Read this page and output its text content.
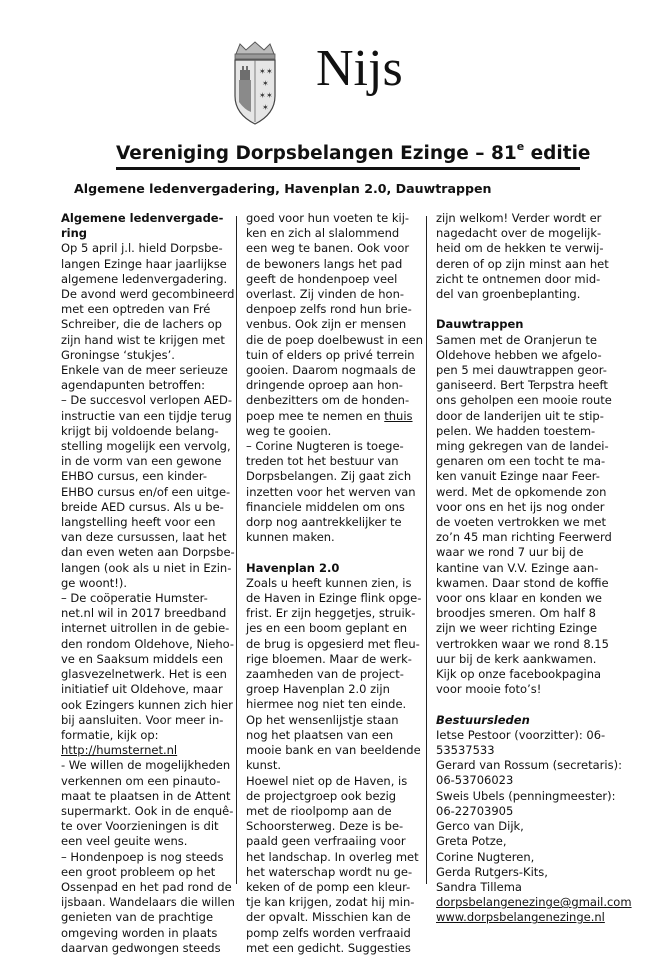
✶ ✶
✶
✶ ✶
✶
Nijs
Vereniging Dorpsbelangen Ezinge – 81e editie
Algemene ledenvergadering, Havenplan 2.0, Dauwtrappen
Algemene ledenvergade-
ring
Op 5 april j.l. hield Dorpsbe-
langen Ezinge haar jaarlijkse
algemene ledenvergadering.
De avond werd gecombineerd
met een optreden van Fré
Schreiber, die de lachers op
zijn hand wist te krijgen met
Groningse ‘stukjes’.
Enkele van de meer serieuze
agendapunten betroffen:
– De succesvol verlopen AED-
instructie van een tijdje terug
krijgt bij voldoende belang-
stelling mogelijk een vervolg,
in de vorm van een gewone
EHBO cursus, een kinder-
EHBO cursus en/of een uitge-
breide AED cursus. Als u be-
langstelling heeft voor een
van deze cursussen, laat het
dan even weten aan Dorpsbe-
langen (ook als u niet in Ezin-
ge woont!).
– De coöperatie Humster-
net.nl wil in 2017 breedband
internet uitrollen in de gebie-
den rondom Oldehove, Nieho-
ve en Saaksum middels een
glasvezelnetwerk. Het is een
initiatief uit Oldehove, maar
ook Ezingers kunnen zich hier
bij aansluiten. Voor meer in-
formatie, kijk op:
http://humsternet.nl
- We willen de mogelijkheden
verkennen om een pinauto-
maat te plaatsen in de Attent
supermarkt. Ook in de enquê-
te over Voorzieningen is dit
een veel geuite wens.
– Hondenpoep is nog steeds
een groot probleem op het
Ossenpad en het pad rond de
ijsbaan. Wandelaars die willen
genieten van de prachtige
omgeving worden in plaats
daarvan gedwongen steeds
goed voor hun voeten te kij-
ken en zich al slalommend
een weg te banen. Ook voor
de bewoners langs het pad
geeft de hondenpoep veel
overlast. Zij vinden de hon-
denpoep zelfs rond hun brie-
venbus. Ook zijn er mensen
die de poep doelbewust in een
tuin of elders op privé terrein
gooien. Daarom nogmaals de
dringende oproep aan hon-
denbezitters om de honden-
poep mee te nemen en thuis
weg te gooien.
– Corine Nugteren is toege-
treden tot het bestuur van
Dorpsbelangen. Zij gaat zich
inzetten voor het werven van
financiele middelen om ons
dorp nog aantrekkelijker te
kunnen maken.
Havenplan 2.0
Zoals u heeft kunnen zien, is
de Haven in Ezinge flink opge-
frist. Er zijn heggetjes, struik-
jes en een boom geplant en
de brug is opgesierd met fleu-
rige bloemen. Maar de werk-
zaamheden van de project-
groep Havenplan 2.0 zijn
hiermee nog niet ten einde.
Op het wensenlijstje staan
nog het plaatsen van een
mooie bank en van beeldende
kunst.
Hoewel niet op de Haven, is
de projectgroep ook bezig
met de rioolpomp aan de
Schoorsterweg. Deze is be-
paald geen verfraaiing voor
het landschap. In overleg met
het waterschap wordt nu ge-
keken of de pomp een kleur-
tje kan krijgen, zodat hij min-
der opvalt. Misschien kan de
pomp zelfs worden verfraaid
met een gedicht. Suggesties
zijn welkom! Verder wordt er
nagedacht over de mogelijk-
heid om de hekken te verwij-
deren of op zijn minst aan het
zicht te ontnemen door mid-
del van groenbeplanting.
Dauwtrappen
Samen met de Oranjerun te
Oldehove hebben we afgelo-
pen 5 mei dauwtrappen geor-
ganiseerd. Bert Terpstra heeft
ons geholpen een mooie route
door de landerijen uit te stip-
pelen. We hadden toestem-
ming gekregen van de landei-
genaren om een tocht te ma-
ken vanuit Ezinge naar Feer-
werd. Met de opkomende zon
voor ons en het ijs nog onder
de voeten vertrokken we met
zo’n 45 man richting Feerwerd
waar we rond 7 uur bij de
kantine van V.V. Ezinge aan-
kwamen. Daar stond de koffie
voor ons klaar en konden we
broodjes smeren. Om half 8
zijn we weer richting Ezinge
vertrokken waar we rond 8.15
uur bij de kerk aankwamen.
Kijk op onze facebookpagina
voor mooie foto’s!
Bestuursleden
Ietse Pestoor (voorzitter): 06-
53537533
Gerard van Rossum (secretaris):
06-53706023
Sweis Ubels (penningmeester):
06-22703905
Gerco van Dijk,
Greta Potze,
Corine Nugteren,
Gerda Rutgers-Kits,
Sandra Tillema
dorpsbelangenezinge@gmail.com
www.dorpsbelangenezinge.nl
